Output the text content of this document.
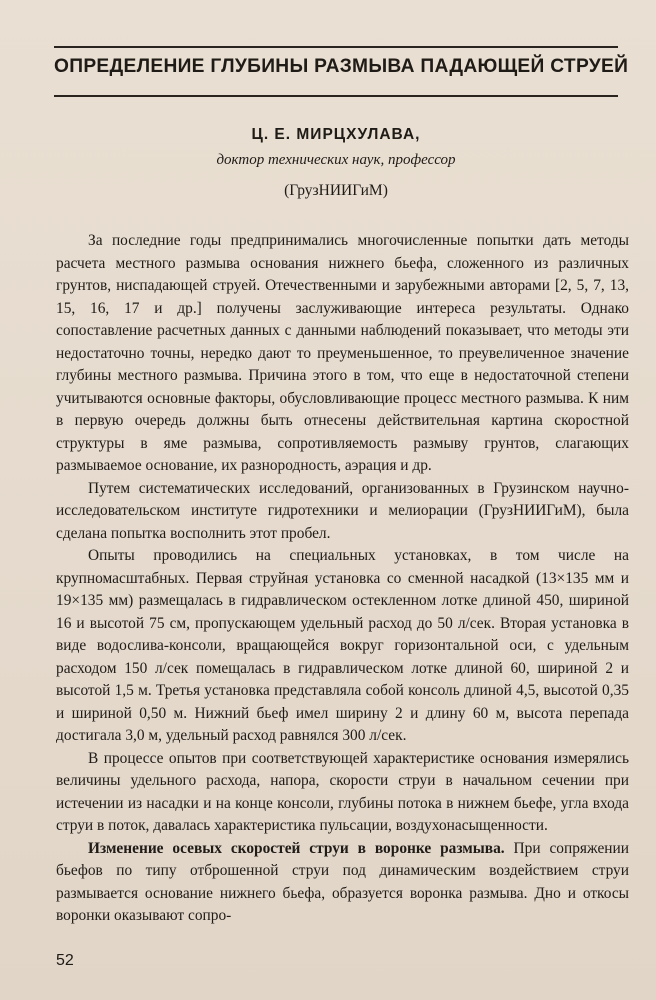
ОПРЕДЕЛЕНИЕ ГЛУБИНЫ РАЗМЫВА ПАДАЮЩЕЙ СТРУЕЙ
Ц. Е. МИРЦХУЛАВА,
доктор технических наук, профессор
(ГрузНИИГиМ)

За последние годы предпринимались многочисленные попытки дать методы расчета местного размыва основания нижнего бьефа, сложенного из различных грунтов, ниспадающей струей. Отечественными и зарубежными авторами [2, 5, 7, 13, 15, 16, 17 и др.] получены заслуживающие интереса результаты. Однако сопоставление расчетных данных с данными наблюдений показывает, что методы эти недостаточно точны, нередко дают то преуменьшенное, то преувеличенное значение глубины местного размыва. Причина этого в том, что еще в недостаточной степени учитываются основные факторы, обусловливающие процесс местного размыва. К ним в первую очередь должны быть отнесены действительная картина скоростной структуры в яме размыва, сопротивляемость размыву грунтов, слагающих размываемое основание, их разнородность, аэрация и др.

Путем систематических исследований, организованных в Грузинском научно-исследовательском институте гидротехники и мелиорации (ГрузНИИГиМ), была сделана попытка восполнить этот пробел.

Опыты проводились на специальных установках, в том числе на крупномасштабных. Первая струйная установка со сменной насадкой (13×135 мм и 19×135 мм) размещалась в гидравлическом остекленном лотке длиной 450, шириной 16 и высотой 75 см, пропускающем удельный расход до 50 л/сек. Вторая установка в виде водослива-консоли, вращающейся вокруг горизонтальной оси, с удельным расходом 150 л/сек помещалась в гидравлическом лотке длиной 60, шириной 2 и высотой 1,5 м. Третья установка представляла собой консоль длиной 4,5, высотой 0,35 и шириной 0,50 м. Нижний бьеф имел ширину 2 и длину 60 м, высота перепада достигала 3,0 м, удельный расход равнялся 300 л/сек.

В процессе опытов при соответствующей характеристике основания измерялись величины удельного расхода, напора, скорости струи в начальном сечении при истечении из насадки и на конце консоли, глубины потока в нижнем бьефе, угла входа струи в поток, давалась характеристика пульсации, воздухонасыщенности.

Изменение осевых скоростей струи в воронке размыва. При сопряжении бьефов по типу отброшенной струи под динамическим воздействием струи размывается основание нижнего бьефа, образуется воронка размыва. Дно и откосы воронки оказывают сопро-

52
